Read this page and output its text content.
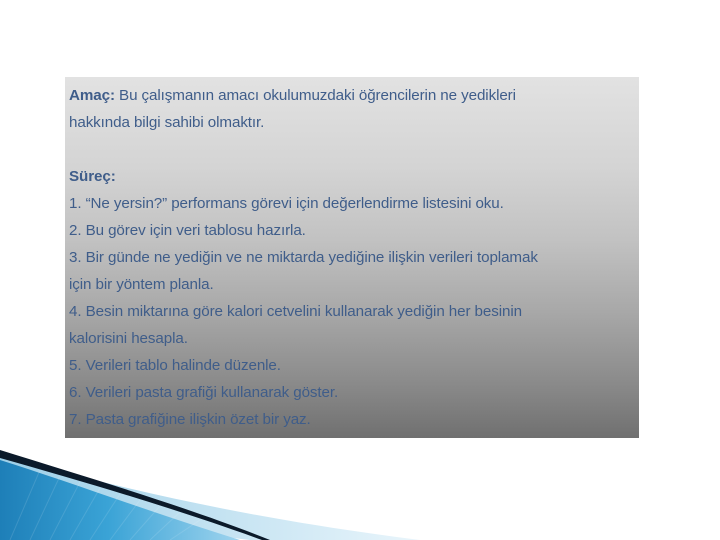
Amaç: Bu çalışmanın amacı okulumuzdaki öğrencilerin ne yedikleri
hakkında bilgi sahibi olmaktır.
Süreç:
1. “Ne yersin?” performans görevi için değerlendirme listesini oku.
2. Bu görev için veri tablosu hazırla.
3. Bir günde ne yediğin ve ne miktarda yediğine ilişkin verileri toplamak
için bir yöntem planla.
4. Besin miktarına göre kalori cetvelini kullanarak yediğin her besinin
kalorisini hesapla.
5. Verileri tablo halinde düzenle.
6. Verileri pasta grafiği kullanarak göster.
7. Pasta grafiğine ilişkin özet bir yaz.
